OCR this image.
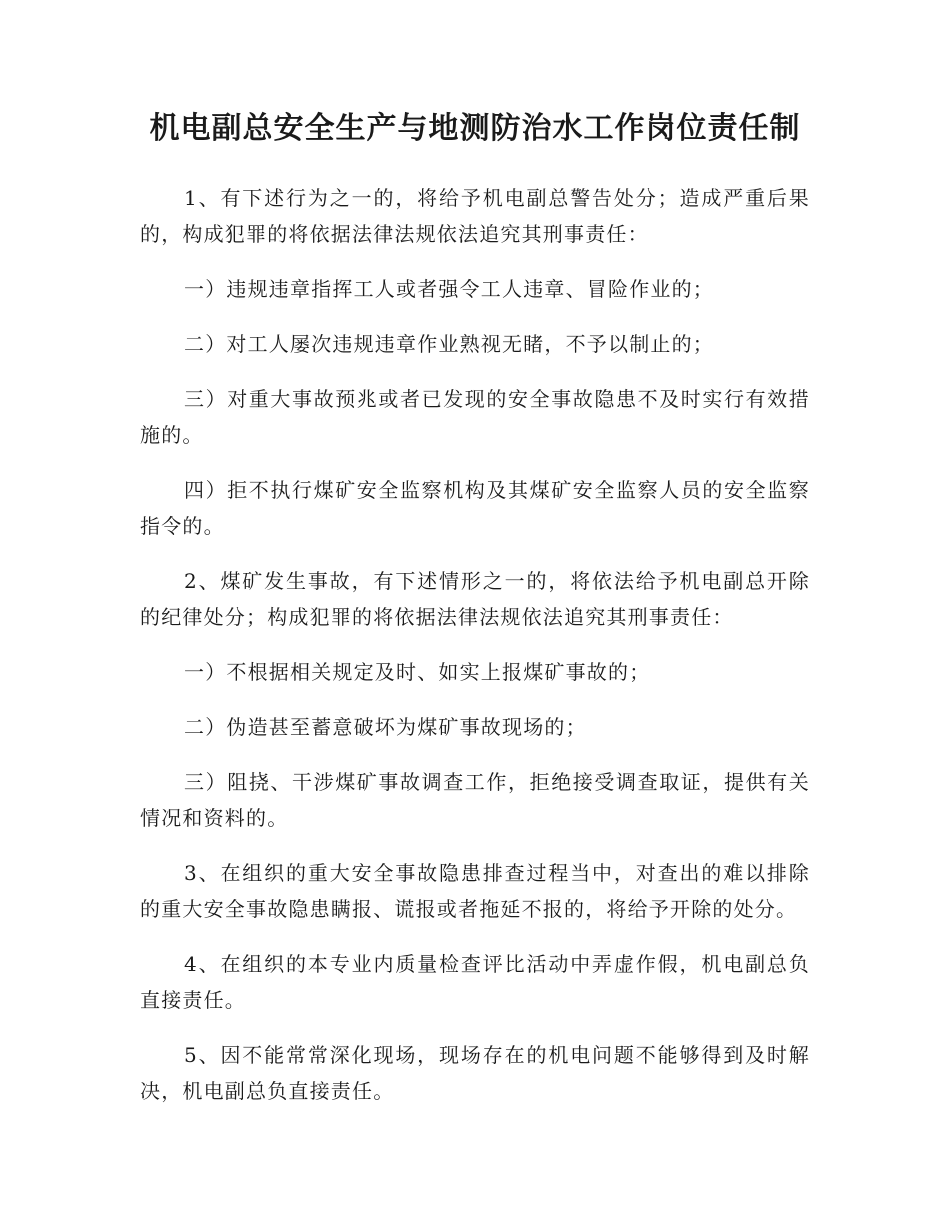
机电副总安全生产与地测防治水工作岗位责任制

1、有下述行为之一的，将给予机电副总警告处分；造成严重后果的，构成犯罪的将依据法律法规依法追究其刑事责任：

一）违规违章指挥工人或者强令工人违章、冒险作业的；

二）对工人屡次违规违章作业熟视无睹，不予以制止的；

三）对重大事故预兆或者已发现的安全事故隐患不及时实行有效措施的。

四）拒不执行煤矿安全监察机构及其煤矿安全监察人员的安全监察指令的。

2、煤矿发生事故，有下述情形之一的，将依法给予机电副总开除的纪律处分；构成犯罪的将依据法律法规依法追究其刑事责任：

一）不根据相关规定及时、如实上报煤矿事故的；

二）伪造甚至蓄意破坏为煤矿事故现场的；

三）阻挠、干涉煤矿事故调查工作，拒绝接受调查取证，提供有关情况和资料的。

3、在组织的重大安全事故隐患排查过程当中，对查出的难以排除的重大安全事故隐患瞒报、谎报或者拖延不报的，将给予开除的处分。

4、在组织的本专业内质量检查评比活动中弄虚作假，机电副总负直接责任。

5、因不能常常深化现场，现场存在的机电问题不能够得到及时解决，机电副总负直接责任。
